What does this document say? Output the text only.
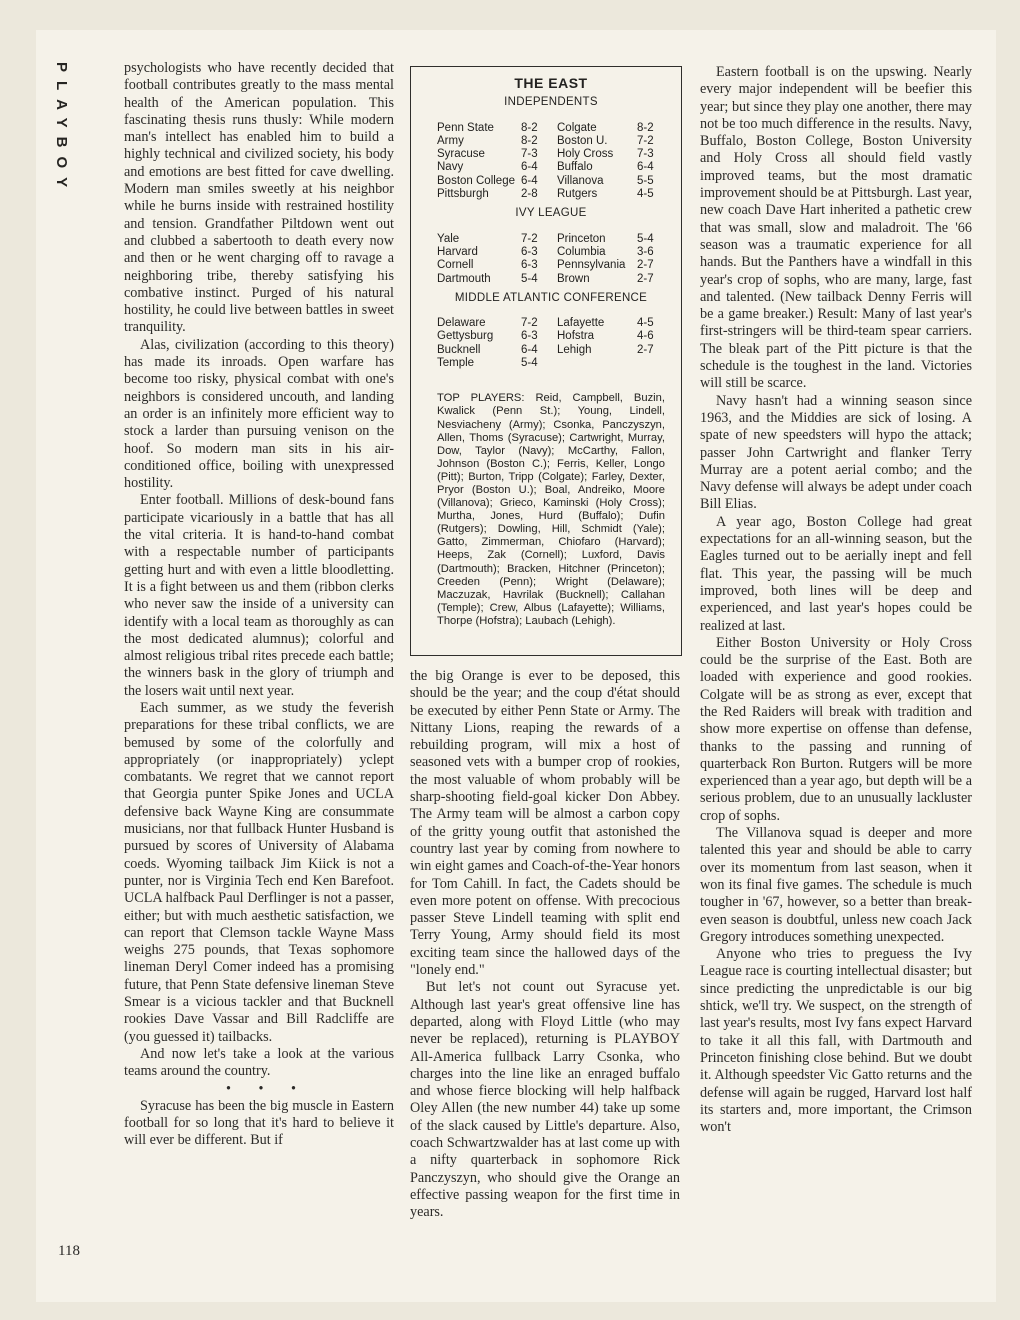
PLAYBOY
118

psychologists who have recently decided that football contributes greatly to the mass mental health of the American population. This fascinating thesis runs thusly: While modern man's intellect has enabled him to build a highly technical and civilized society, his body and emotions are best fitted for cave dwelling. Modern man smiles sweetly at his neighbor while he burns inside with restrained hostility and tension. Grandfather Piltdown went out and clubbed a sabertooth to death every now and then or he went charging off to ravage a neighboring tribe, thereby satisfying his combative instinct. Purged of his natural hostility, he could live between battles in sweet tranquility.

Alas, civilization (according to this theory) has made its inroads. Open warfare has become too risky, physical combat with one's neighbors is considered uncouth, and landing an order is an infinitely more efficient way to stock a larder than pursuing venison on the hoof. So modern man sits in his air-conditioned office, boiling with unexpressed hostility.

Enter football. Millions of desk-bound fans participate vicariously in a battle that has all the vital criteria. It is hand-to-hand combat with a respectable number of participants getting hurt and with even a little bloodletting. It is a fight between us and them (ribbon clerks who never saw the inside of a university can identify with a local team as thoroughly as can the most dedicated alumnus); colorful and almost religious tribal rites precede each battle; the winners bask in the glory of triumph and the losers wait until next year.

Each summer, as we study the feverish preparations for these tribal conflicts, we are bemused by some of the colorfully and appropriately (or inappropriately) yclept combatants. We regret that we cannot report that Georgia punter Spike Jones and UCLA defensive back Wayne King are consummate musicians, nor that fullback Hunter Husband is pursued by scores of University of Alabama coeds. Wyoming tailback Jim Kiick is not a punter, nor is Virginia Tech end Ken Barefoot. UCLA halfback Paul Derflinger is not a passer, either; but with much aesthetic satisfaction, we can report that Clemson tackle Wayne Mass weighs 275 pounds, that Texas sophomore lineman Deryl Comer indeed has a promising future, that Penn State defensive lineman Steve Smear is a vicious tackler and that Bucknell rookies Dave Vassar and Bill Radcliffe are (you guessed it) tailbacks.

And now let's take a look at the various teams around the country.

• • •

Syracuse has been the big muscle in Eastern football for so long that it's hard to believe it will ever be different. But if

THE EAST
INDEPENDENTS
Penn State	8-2	Colgate	8-2
Army	8-2	Boston U.	7-2
Syracuse	7-3	Holy Cross	7-3
Navy	6-4	Buffalo	6-4
Boston College 6-4	Villanova	5-5
Pittsburgh	2-8	Rutgers	4-5
IVY LEAGUE
Yale	7-2	Princeton	5-4
Harvard	6-3	Columbia	3-6
Cornell	6-3	Pennsylvania	2-7
Dartmouth	5-4	Brown	2-7
MIDDLE ATLANTIC CONFERENCE
Delaware	7-2	Lafayette	4-5
Gettysburg	6-3	Hofstra	4-6
Bucknell	6-4	Lehigh	2-7
Temple	5-4
TOP PLAYERS: Reid, Campbell, Buzin, Kwalick (Penn St.); Young, Lindell, Nesviacheny (Army); Csonka, Panczyszyn, Allen, Thoms (Syracuse); Cartwright, Murray, Dow, Taylor (Navy); McCarthy, Fallon, Johnson (Boston C.); Ferris, Keller, Longo (Pitt); Burton, Tripp (Colgate); Farley, Dexter, Pryor (Boston U.); Boal, Andreiko, Moore (Villanova); Grieco, Kaminski (Holy Cross); Murtha, Jones, Hurd (Buffalo); Dufin (Rutgers); Dowling, Hill, Schmidt (Yale); Gatto, Zimmerman, Chiofaro (Harvard); Heeps, Zak (Cornell); Luxford, Davis (Dartmouth); Bracken, Hitchner (Princeton); Creeden (Penn); Wright (Delaware); Maczuzak, Havrilak (Bucknell); Callahan (Temple); Crew, Albus (Lafayette); Williams, Thorpe (Hofstra); Laubach (Lehigh).

the big Orange is ever to be deposed, this should be the year; and the coup d'état should be executed by either Penn State or Army. The Nittany Lions, reaping the rewards of a rebuilding program, will mix a host of seasoned vets with a bumper crop of rookies, the most valuable of whom probably will be sharp-shooting field-goal kicker Don Abbey. The Army team will be almost a carbon copy of the gritty young outfit that astonished the country last year by coming from nowhere to win eight games and Coach-of-the-Year honors for Tom Cahill. In fact, the Cadets should be even more potent on offense. With precocious passer Steve Lindell teaming with split end Terry Young, Army should field its most exciting team since the hallowed days of the "lonely end."

But let's not count out Syracuse yet. Although last year's great offensive line has departed, along with Floyd Little (who may never be replaced), returning is PLAYBOY All-America fullback Larry Csonka, who charges into the line like an enraged buffalo and whose fierce blocking will help halfback Oley Allen (the new number 44) take up some of the slack caused by Little's departure. Also, coach Schwartzwalder has at last come up with a nifty quarterback in sophomore Rick Panczyszyn, who should give the Orange an effective passing weapon for the first time in years.

Eastern football is on the upswing. Nearly every major independent will be beefier this year; but since they play one another, there may not be too much difference in the results. Navy, Buffalo, Boston College, Boston University and Holy Cross all should field vastly improved teams, but the most dramatic improvement should be at Pittsburgh. Last year, new coach Dave Hart inherited a pathetic crew that was small, slow and maladroit. The '66 season was a traumatic experience for all hands. But the Panthers have a windfall in this year's crop of sophs, who are many, large, fast and talented. (New tailback Denny Ferris will be a game breaker.) Result: Many of last year's first-stringers will be third-team spear carriers. The bleak part of the Pitt picture is that the schedule is the toughest in the land. Victories will still be scarce.

Navy hasn't had a winning season since 1963, and the Middies are sick of losing. A spate of new speedsters will hypo the attack; passer John Cartwright and flanker Terry Murray are a potent aerial combo; and the Navy defense will always be adept under coach Bill Elias.

A year ago, Boston College had great expectations for an all-winning season, but the Eagles turned out to be aerially inept and fell flat. This year, the passing will be much improved, both lines will be deep and experienced, and last year's hopes could be realized at last.

Either Boston University or Holy Cross could be the surprise of the East. Both are loaded with experience and good rookies. Colgate will be as strong as ever, except that the Red Raiders will break with tradition and show more expertise on offense than defense, thanks to the passing and running of quarterback Ron Burton. Rutgers will be more experienced than a year ago, but depth will be a serious problem, due to an unusually lackluster crop of sophs.

The Villanova squad is deeper and more talented this year and should be able to carry over its momentum from last season, when it won its final five games. The schedule is much tougher in '67, however, so a better than break-even season is doubtful, unless new coach Jack Gregory introduces something unexpected.

Anyone who tries to preguess the Ivy League race is courting intellectual disaster; but since predicting the unpredictable is our big shtick, we'll try. We suspect, on the strength of last year's results, most Ivy fans expect Harvard to take it all this fall, with Dartmouth and Princeton finishing close behind. But we doubt it. Although speedster Vic Gatto returns and the defense will again be rugged, Harvard lost half its starters and, more important, the Crimson won't
